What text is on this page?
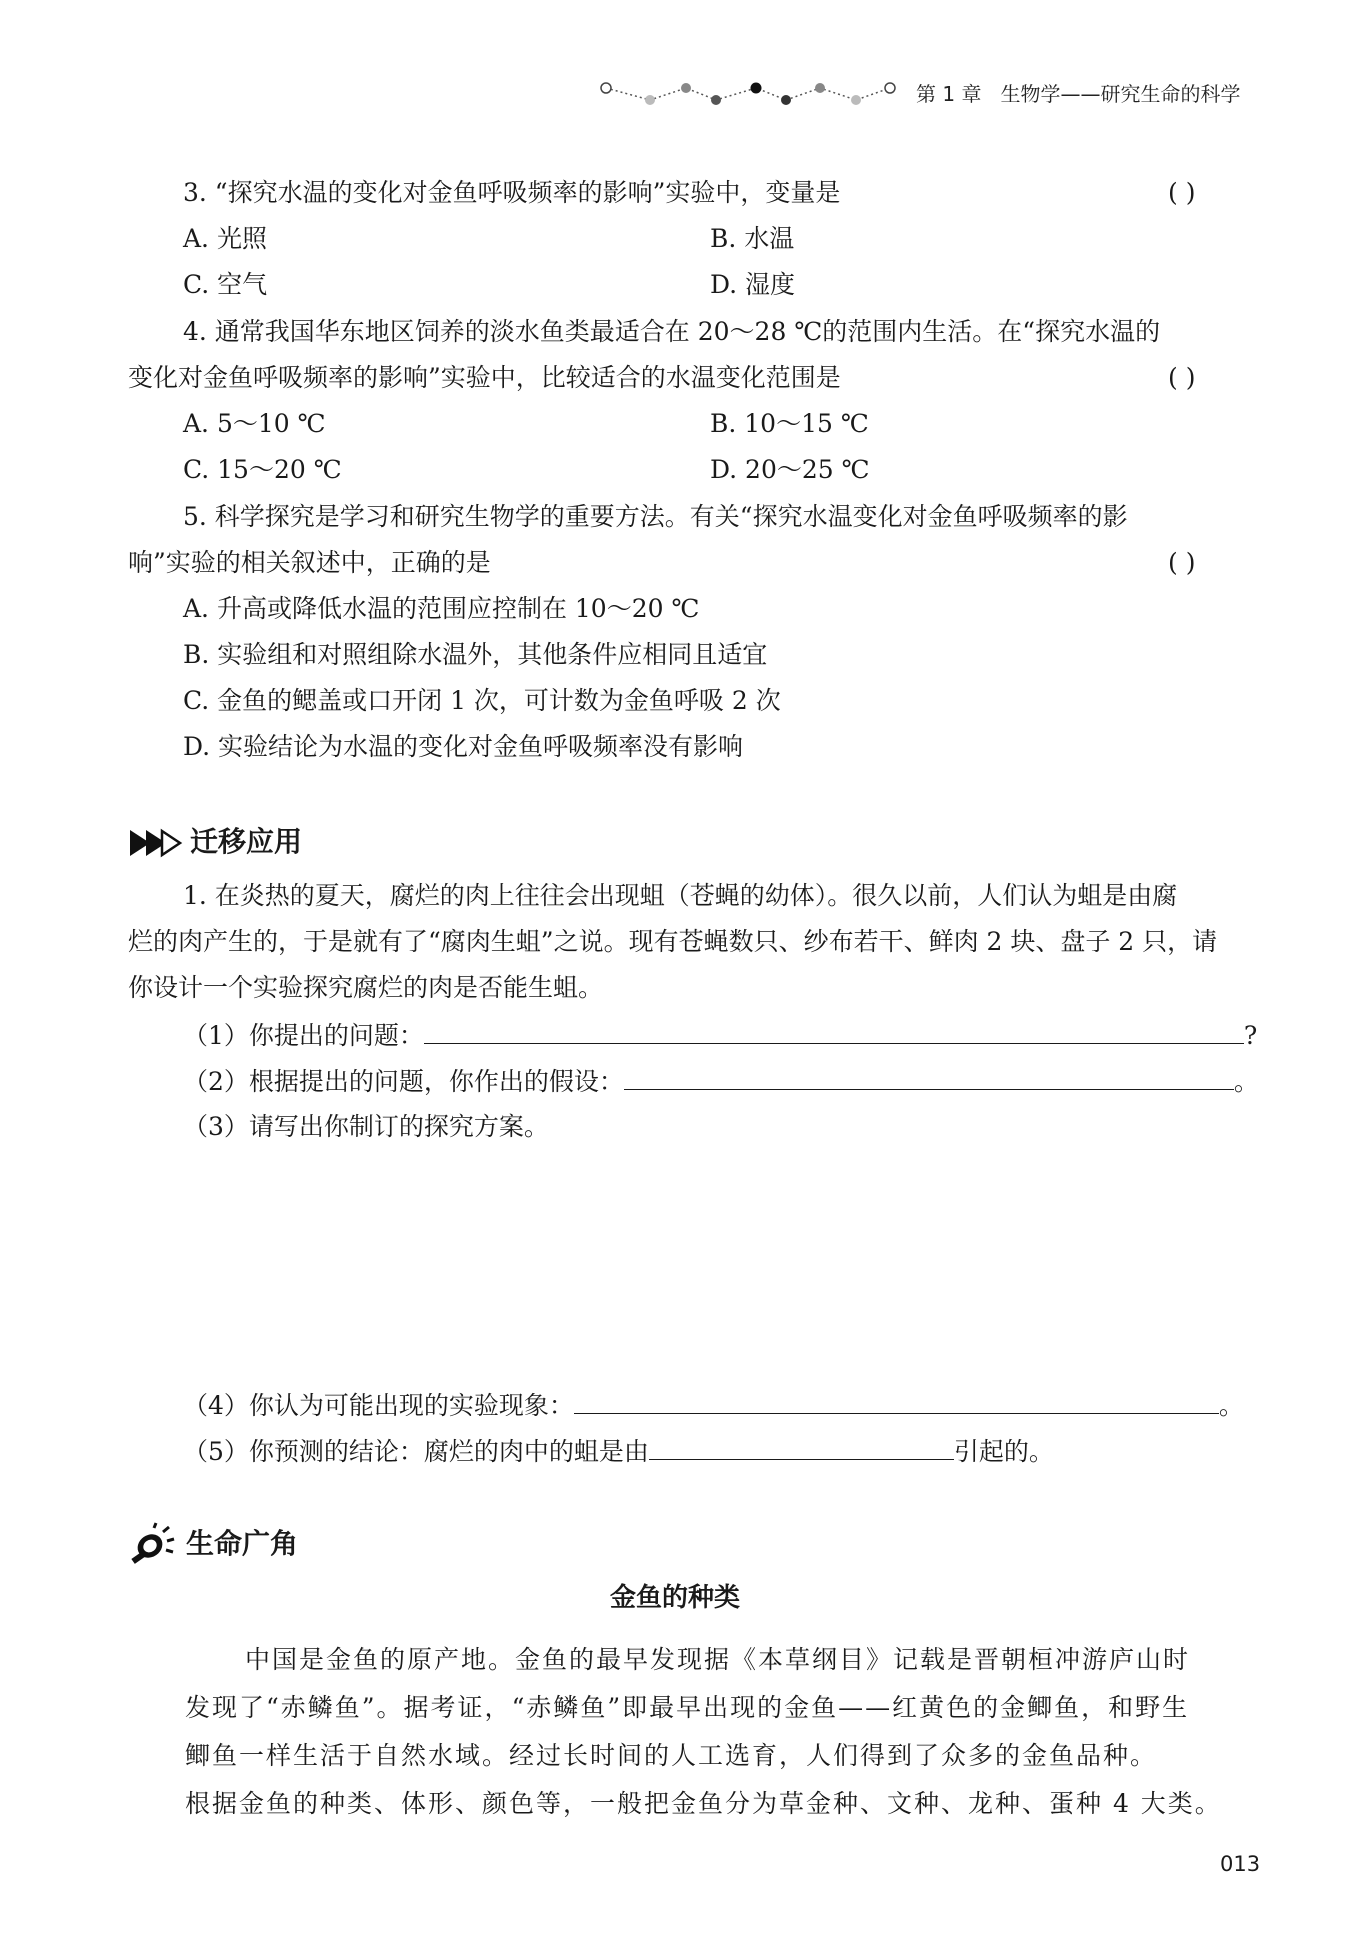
第 1 章 生物学——研究生命的科学
3. “探究水温的变化对金鱼呼吸频率的影响”实验中，变量是	( )
A. 光照	B. 水温
C. 空气	D. 湿度
4. 通常我国华东地区饲养的淡水鱼类最适合在 20～28 ℃的范围内生活。在“探究水温的
变化对金鱼呼吸频率的影响”实验中，比较适合的水温变化范围是	( )
A. 5～10 ℃	B. 10～15 ℃
C. 15～20 ℃	D. 20～25 ℃
5. 科学探究是学习和研究生物学的重要方法。有关“探究水温变化对金鱼呼吸频率的影
响”实验的相关叙述中，正确的是	( )
A. 升高或降低水温的范围应控制在 10～20 ℃
B. 实验组和对照组除水温外，其他条件应相同且适宜
C. 金鱼的鳃盖或口开闭 1 次，可计数为金鱼呼吸 2 次
D. 实验结论为水温的变化对金鱼呼吸频率没有影响
迁移应用
1. 在炎热的夏天，腐烂的肉上往往会出现蛆（苍蝇的幼体）。很久以前，人们认为蛆是由腐
烂的肉产生的，于是就有了“腐肉生蛆”之说。现有苍蝇数只、纱布若干、鲜肉 2 块、盘子 2 只，请
你设计一个实验探究腐烂的肉是否能生蛆。
（1）你提出的问题：	?
（2）根据提出的问题，你作出的假设：	。
（3）请写出你制订的探究方案。
（4）你认为可能出现的实验现象：	。
（5）你预测的结论：腐烂的肉中的蛆是由	引起的。
生命广角
金鱼的种类
中国是金鱼的原产地。金鱼的最早发现据《本草纲目》记载是晋朝桓冲游庐山时
发现了“赤鳞鱼”。据考证，“赤鳞鱼”即最早出现的金鱼——红黄色的金鲫鱼，和野生
鲫鱼一样生活于自然水域。经过长时间的人工选育，人们得到了众多的金鱼品种。
根据金鱼的种类、体形、颜色等，一般把金鱼分为草金种、文种、龙种、蛋种 4 大类。
013
